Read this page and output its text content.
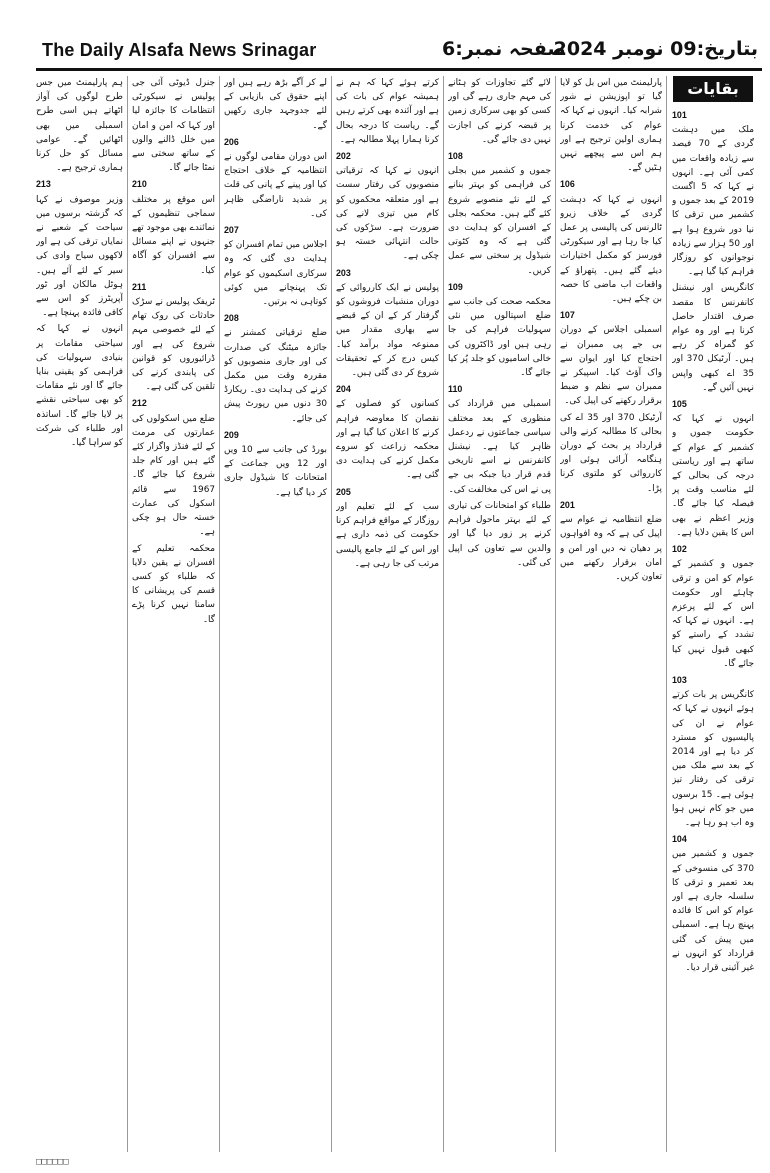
The Daily Alsafa News Srinagar	صفحہ نمبر:6
بتاریخ:09 نومبر 2024
بقایات
101

ملک میں دہشت گردی کے 70 فیصد سے زیادہ واقعات میں کمی آئی ہے۔ انہوں نے کہا کہ 5 اگست 2019 کے بعد جموں و کشمیر میں ترقی کا نیا دور شروع ہوا ہے اور 50 ہزار سے زیادہ نوجوانوں کو روزگار فراہم کیا گیا ہے۔

کانگریس اور نیشنل کانفرنس کا مقصد صرف اقتدار حاصل کرنا ہے اور وہ عوام کو گمراہ کر رہے ہیں۔ آرٹیکل 370 اور 35 اے کبھی واپس نہیں آئیں گے۔

105

انہوں نے کہا کہ حکومت جموں و کشمیر کے عوام کے ساتھ ہے اور ریاستی درجہ کی بحالی کے لئے مناسب وقت پر فیصلہ کیا جائے گا۔ وزیر اعظم نے بھی اس کا یقین دلایا ہے۔

102

جموں و کشمیر کے عوام کو امن و ترقی چاہئے اور حکومت اس کے لئے پرعزم ہے۔ انہوں نے کہا کہ تشدد کے راستے کو کبھی قبول نہیں کیا جائے گا۔

103

کانگریس پر بات کرتے ہوئے انہوں نے کہا کہ عوام نے ان کی پالیسیوں کو مسترد کر دیا ہے اور 2014 کے بعد سے ملک میں ترقی کی رفتار تیز ہوئی ہے۔ 15 برسوں میں جو کام نہیں ہوا وہ اب ہو رہا ہے۔

104

جموں و کشمیر میں 370 کی منسوخی کے بعد تعمیر و ترقی کا سلسلہ جاری ہے اور عوام کو اس کا فائدہ پہنچ رہا ہے۔ اسمبلی میں پیش کی گئی قرارداد کو انہوں نے غیر آئینی قرار دیا۔

پارلیمنٹ میں اس بل کو لایا گیا تو اپوزیشن نے شور شرابہ کیا۔ انہوں نے کہا کہ عوام کی خدمت کرنا ہماری اولین ترجیح ہے اور ہم اس سے پیچھے نہیں ہٹیں گے۔

106

انہوں نے کہا کہ دہشت گردی کے خلاف زیرو ٹالرنس کی پالیسی پر عمل کیا جا رہا ہے اور سیکورٹی فورسز کو مکمل اختیارات دیئے گئے ہیں۔ پتھراؤ کے واقعات اب ماضی کا حصہ بن چکے ہیں۔

107

اسمبلی اجلاس کے دوران بی جے پی ممبران نے احتجاج کیا اور ایوان سے واک آؤٹ کیا۔ اسپیکر نے ممبران سے نظم و ضبط برقرار رکھنے کی اپیل کی۔

آرٹیکل 370 اور 35 اے کی بحالی کا مطالبہ کرنے والی قرارداد پر بحث کے دوران ہنگامہ آرائی ہوئی اور کارروائی کو ملتوی کرنا پڑا۔

201

ضلع انتظامیہ نے عوام سے اپیل کی ہے کہ وہ افواہوں پر دھیان نہ دیں اور امن و امان برقرار رکھنے میں تعاون کریں۔

لائے گئے تجاوزات کو ہٹانے کی مہم جاری رہے گی اور کسی کو بھی سرکاری زمین پر قبضہ کرنے کی اجازت نہیں دی جائے گی۔

108

جموں و کشمیر میں بجلی کی فراہمی کو بہتر بنانے کے لئے نئے منصوبے شروع کئے گئے ہیں۔ محکمہ بجلی کے افسران کو ہدایت دی گئی ہے کہ وہ کٹوتی شیڈول پر سختی سے عمل کریں۔

109

محکمہ صحت کی جانب سے ضلع اسپتالوں میں نئی سہولیات فراہم کی جا رہی ہیں اور ڈاکٹروں کی خالی اسامیوں کو جلد پُر کیا جائے گا۔

110

اسمبلی میں قرارداد کی منظوری کے بعد مختلف سیاسی جماعتوں نے ردعمل ظاہر کیا ہے۔ نیشنل کانفرنس نے اسے تاریخی قدم قرار دیا جبکہ بی جے پی نے اس کی مخالفت کی۔

طلباء کو امتحانات کی تیاری کے لئے بہتر ماحول فراہم کرنے پر زور دیا گیا اور والدین سے تعاون کی اپیل کی گئی۔

کرتے ہوئے کہا کہ ہم نے ہمیشہ عوام کی بات کی ہے اور آئندہ بھی کرتے رہیں گے۔ ریاست کا درجہ بحال کرنا ہمارا پہلا مطالبہ ہے۔

202

انہوں نے کہا کہ ترقیاتی منصوبوں کی رفتار سست ہے اور متعلقہ محکموں کو کام میں تیزی لانے کی ضرورت ہے۔ سڑکوں کی حالت انتہائی خستہ ہو چکی ہے۔

203

پولیس نے ایک کارروائی کے دوران منشیات فروشوں کو گرفتار کر کے ان کے قبضے سے بھاری مقدار میں ممنوعہ مواد برآمد کیا۔ کیس درج کر کے تحقیقات شروع کر دی گئی ہیں۔

204

کسانوں کو فصلوں کے نقصان کا معاوضہ فراہم کرنے کا اعلان کیا گیا ہے اور محکمہ زراعت کو سروے مکمل کرنے کی ہدایت دی گئی ہے۔

205

سب کے لئے تعلیم اور روزگار کے مواقع فراہم کرنا حکومت کی ذمہ داری ہے اور اس کے لئے جامع پالیسی مرتب کی جا رہی ہے۔

لے کر آگے بڑھ رہے ہیں اور اپنے حقوق کی بازیابی کے لئے جدوجہد جاری رکھیں گے۔

206

اس دوران مقامی لوگوں نے انتظامیہ کے خلاف احتجاج کیا اور پینے کے پانی کی قلت پر شدید ناراضگی ظاہر کی۔

207

اجلاس میں تمام افسران کو ہدایت دی گئی کہ وہ سرکاری اسکیموں کو عوام تک پہنچانے میں کوئی کوتاہی نہ برتیں۔

208

ضلع ترقیاتی کمشنر نے جائزہ میٹنگ کی صدارت کی اور جاری منصوبوں کو مقررہ وقت میں مکمل کرنے کی ہدایت دی۔ ریکارڈ 30 دنوں میں رپورٹ پیش کی جائے۔

209

بورڈ کی جانب سے 10 ویں اور 12 ویں جماعت کے امتحانات کا شیڈول جاری کر دیا گیا ہے۔

جنرل ڈیوٹی آئی جی پولیس نے سیکورٹی انتظامات کا جائزہ لیا اور کہا کہ امن و امان میں خلل ڈالنے والوں کے ساتھ سختی سے نمٹا جائے گا۔

210

اس موقع پر مختلف سماجی تنظیموں کے نمائندے بھی موجود تھے جنہوں نے اپنے مسائل سے افسران کو آگاہ کیا۔

211

ٹریفک پولیس نے سڑک حادثات کی روک تھام کے لئے خصوصی مہم شروع کی ہے اور ڈرائیوروں کو قوانین کی پابندی کرنے کی تلقین کی گئی ہے۔

212

ضلع میں اسکولوں کی عمارتوں کی مرمت کے لئے فنڈز واگزار کئے گئے ہیں اور کام جلد شروع کیا جائے گا۔ 1967 سے قائم اسکول کی عمارت خستہ حال ہو چکی ہے۔

محکمہ تعلیم کے افسران نے یقین دلایا کہ طلباء کو کسی قسم کی پریشانی کا سامنا نہیں کرنا پڑے گا۔

ہم پارلیمنٹ میں جس طرح لوگوں کی آواز اٹھاتے ہیں اسی طرح اسمبلی میں بھی اٹھائیں گے۔ عوامی مسائل کو حل کرنا ہماری ترجیح ہے۔

213

وزیر موصوف نے کہا کہ گزشتہ برسوں میں سیاحت کے شعبے نے نمایاں ترقی کی ہے اور لاکھوں سیاح وادی کی سیر کے لئے آئے ہیں۔ ہوٹل مالکان اور ٹور آپریٹرز کو اس سے کافی فائدہ پہنچا ہے۔

انہوں نے کہا کہ سیاحتی مقامات پر بنیادی سہولیات کی فراہمی کو یقینی بنایا جائے گا اور نئے مقامات کو بھی سیاحتی نقشے پر لایا جائے گا۔ اساتذہ اور طلباء کی شرکت کو سراہا گیا۔

□□□□□□
